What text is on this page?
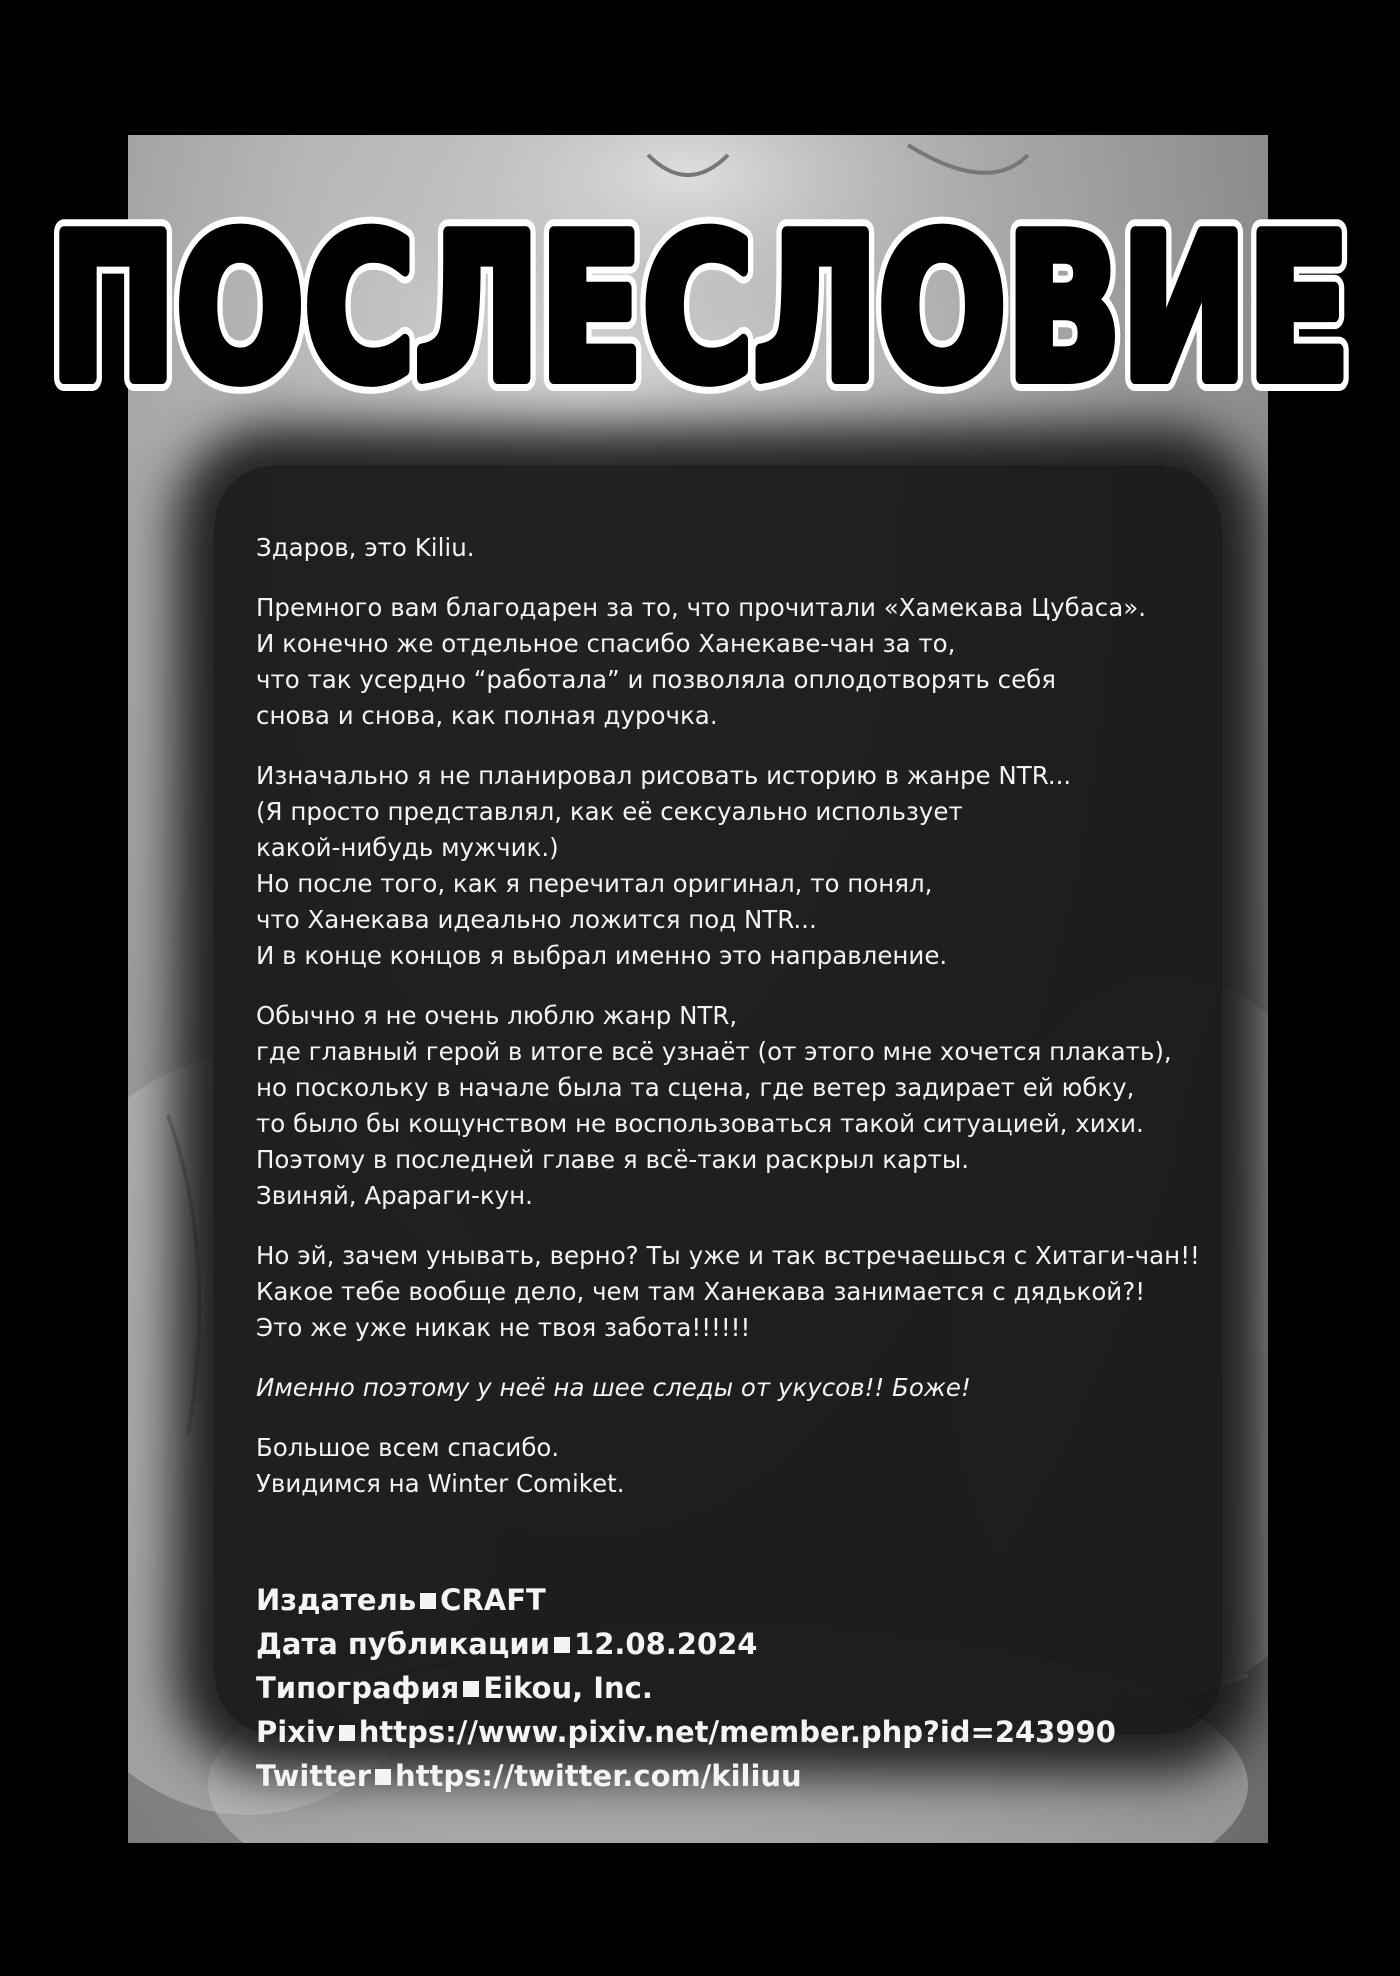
ПОСЛЕСЛОВИЕ
ПОСЛЕСЛОВИЕ

Здаров, это Kiliu.

Премного вам благодарен за то, что прочитали «Хамекава Цубаса».
И конечно же отдельное спасибо Ханекаве-чан за то,
что так усердно “работала” и позволяла оплодотворять себя
снова и снова, как полная дурочка.

Изначально я не планировал рисовать историю в жанре NTR...
(Я просто представлял, как её сексуально использует
какой-нибудь мужчик.)
Но после того, как я перечитал оригинал, то понял,
что Ханекава идеально ложится под NTR...
И в конце концов я выбрал именно это направление.

Обычно я не очень люблю жанр NTR,
где главный герой в итоге всё узнаёт (от этого мне хочется плакать),
но поскольку в начале была та сцена, где ветер задирает ей юбку,
то было бы кощунством не воспользоваться такой ситуацией, хихи.
Поэтому в последней главе я всё-таки раскрыл карты.
Звиняй, Арараги-кун.

Но эй, зачем унывать, верно? Ты уже и так встречаешься с Хитаги-чан!!
Какое тебе вообще дело, чем там Ханекава занимается с дядькой?!
Это же уже никак не твоя забота!!!!!!

Именно поэтому у неё на шее следы от укусов!! Боже!

Большое всем спасибо.
Увидимся на Winter Comiket.

Издатель CRAFT
Дата публикации 12.08.2024
Типография Eikou, Inc.
Pixiv https://www.pixiv.net/member.php?id=243990
Twitter https://twitter.com/kiliuu
